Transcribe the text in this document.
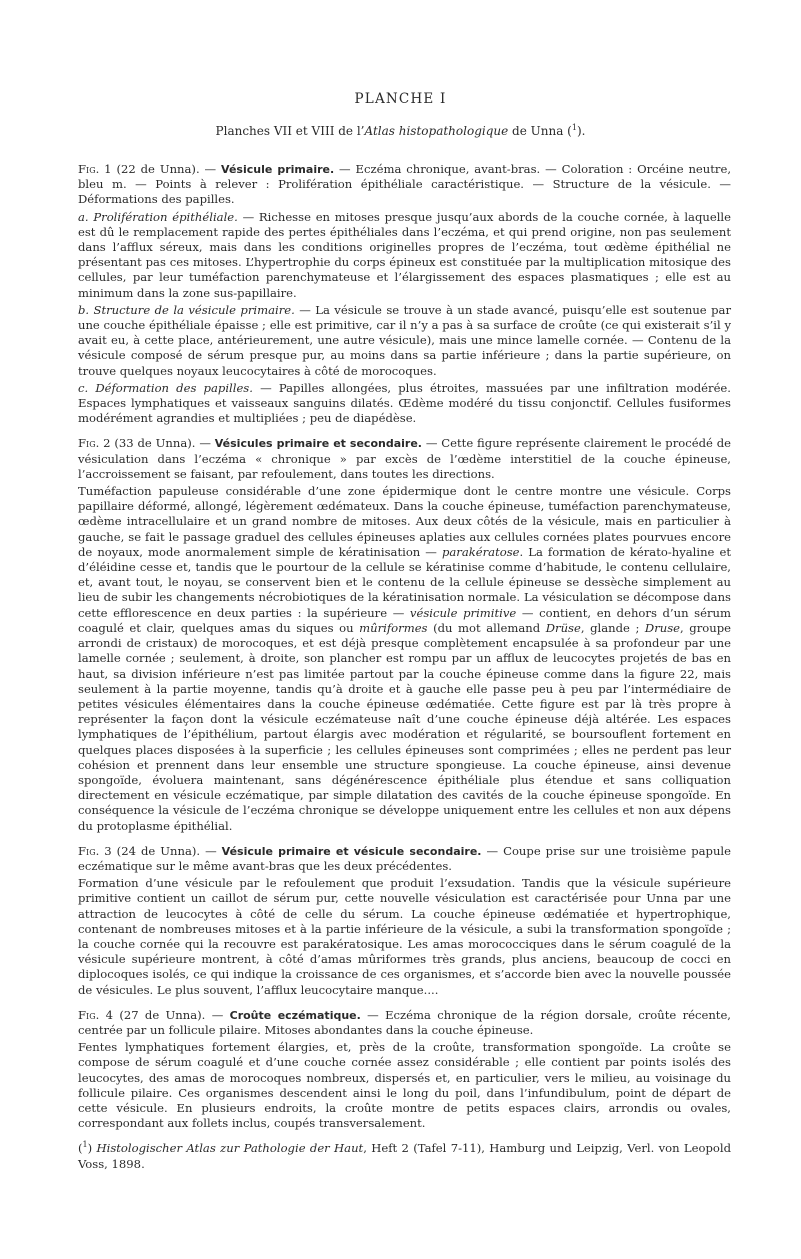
PLANCHE I
Planches VII et VIII de l’Atlas histopathologique de Unna ($^1$).

Fig. 1 (22 de Unna). — Vésicule primaire. — Eczéma chronique, avant-bras. — Coloration : Orcéine neutre, bleu m. — Points à relever : Prolifération épithéliale caractéristique. — Structure de la vésicule. — Déformations des papilles.

a. Prolifération épithéliale. — Richesse en mitoses presque jusqu’aux abords de la couche cornée, à laquelle est dû le remplacement rapide des pertes épithéliales dans l’eczéma, et qui prend origine, non pas seulement dans l’afflux séreux, mais dans les conditions originelles propres de l’eczéma, tout œdème épithélial ne présentant pas ces mitoses. L’hypertrophie du corps épineux est constituée par la multiplication mitosique des cellules, par leur tuméfaction parenchymateuse et l’élargissement des espaces plasmatiques ; elle est au minimum dans la zone sus-papillaire.

b. Structure de la vésicule primaire. — La vésicule se trouve à un stade avancé, puisqu’elle est soutenue par une couche épithéliale épaisse ; elle est primitive, car il n’y a pas à sa surface de croûte (ce qui existerait s’il y avait eu, à cette place, antérieurement, une autre vésicule), mais une mince lamelle cornée. — Contenu de la vésicule composé de sérum presque pur, au moins dans sa partie inférieure ; dans la partie supérieure, on trouve quelques noyaux leucocytaires à côté de morocoques.

c. Déformation des papilles. — Papilles allongées, plus étroites, massuées par une infiltration modérée. Espaces lymphatiques et vaisseaux sanguins dilatés. Œdème modéré du tissu conjonctif. Cellules fusiformes modérément agrandies et multipliées ; peu de diapédèse.

Fig. 2 (33 de Unna). — Vésicules primaire et secondaire. — Cette figure représente clairement le procédé de vésiculation dans l’eczéma « chronique » par excès de l’œdème interstitiel de la couche épineuse, l’accroissement se faisant, par refoulement, dans toutes les directions.

Tuméfaction papuleuse considérable d’une zone épidermique dont le centre montre une vésicule. Corps papillaire déformé, allongé, légèrement œdémateux. Dans la couche épineuse, tuméfaction parenchymateuse, œdème intracellulaire et un grand nombre de mitoses. Aux deux côtés de la vésicule, mais en particulier à gauche, se fait le passage graduel des cellules épineuses aplaties aux cellules cornées plates pourvues encore de noyaux, mode anormalement simple de kératinisation — parakératose. La formation de kérato-hyaline et d’éléidine cesse et, tandis que le pourtour de la cellule se kératinise comme d’habitude, le contenu cellulaire, et, avant tout, le noyau, se conservent bien et le contenu de la cellule épineuse se dessèche simplement au lieu de subir les changements nécrobiotiques de la kératinisation normale. La vésiculation se décompose dans cette efflorescence en deux parties : la supérieure — vésicule primitive — contient, en dehors d’un sérum coagulé et clair, quelques amas du siques ou mûriformes (du mot allemand Drüse, glande ; Druse, groupe arrondi de cristaux) de morocoques, et est déjà presque complètement encapsulée à sa profondeur par une lamelle cornée ; seulement, à droite, son plancher est rompu par un afflux de leucocytes projetés de bas en haut, sa division inférieure n’est pas limitée partout par la couche épineuse comme dans la figure 22, mais seulement à la partie moyenne, tandis qu’à droite et à gauche elle passe peu à peu par l’intermédiaire de petites vésicules élémentaires dans la couche épineuse œdématiée. Cette figure est par là très propre à représenter la façon dont la vésicule eczémateuse naît d’une couche épineuse déjà altérée. Les espaces lymphatiques de l’épithélium, partout élargis avec modération et régularité, se boursouflent fortement en quelques places disposées à la superficie ; les cellules épineuses sont comprimées ; elles ne perdent pas leur cohésion et prennent dans leur ensemble une structure spongieuse. La couche épineuse, ainsi devenue spongoïde, évoluera maintenant, sans dégénérescence épithéliale plus étendue et sans colliquation directement en vésicule eczématique, par simple dilatation des cavités de la couche épineuse spongoïde. En conséquence la vésicule de l’eczéma chronique se développe uniquement entre les cellules et non aux dépens du protoplasme épithélial.

Fig. 3 (24 de Unna). — Vésicule primaire et vésicule secondaire. — Coupe prise sur une troisième papule eczématique sur le même avant-bras que les deux précédentes.

Formation d’une vésicule par le refoulement que produit l’exsudation. Tandis que la vésicule supérieure primitive contient un caillot de sérum pur, cette nouvelle vésiculation est caractérisée pour Unna par une attraction de leucocytes à côté de celle du sérum. La couche épineuse œdématiée et hypertrophique, contenant de nombreuses mitoses et à la partie inférieure de la vésicule, a subi la transformation spongoïde ; la couche cornée qui la recouvre est parakératosique. Les amas morococciques dans le sérum coagulé de la vésicule supérieure montrent, à côté d’amas mûriformes très grands, plus anciens, beaucoup de cocci en diplocoques isolés, ce qui indique la croissance de ces organismes, et s’accorde bien avec la nouvelle poussée de vésicules. Le plus souvent, l’afflux leucocytaire manque....

Fig. 4 (27 de Unna). — Croûte eczématique. — Eczéma chronique de la région dorsale, croûte récente, centrée par un follicule pilaire. Mitoses abondantes dans la couche épineuse.

Fentes lymphatiques fortement élargies, et, près de la croûte, transformation spongoïde. La croûte se compose de sérum coagulé et d’une couche cornée assez considérable ; elle contient par points isolés des leucocytes, des amas de morocoques nombreux, dispersés et, en particulier, vers le milieu, au voisinage du follicule pilaire. Ces organismes descendent ainsi le long du poil, dans l’infundibulum, point de départ de cette vésicule. En plusieurs endroits, la croûte montre de petits espaces clairs, arrondis ou ovales, correspondant aux follets inclus, coupés transversalement.

($^1$) Histologischer Atlas zur Pathologie der Haut, Heft 2 (Tafel 7-11), Hamburg und Leipzig, Verl. von Leopold Voss, 1898.
